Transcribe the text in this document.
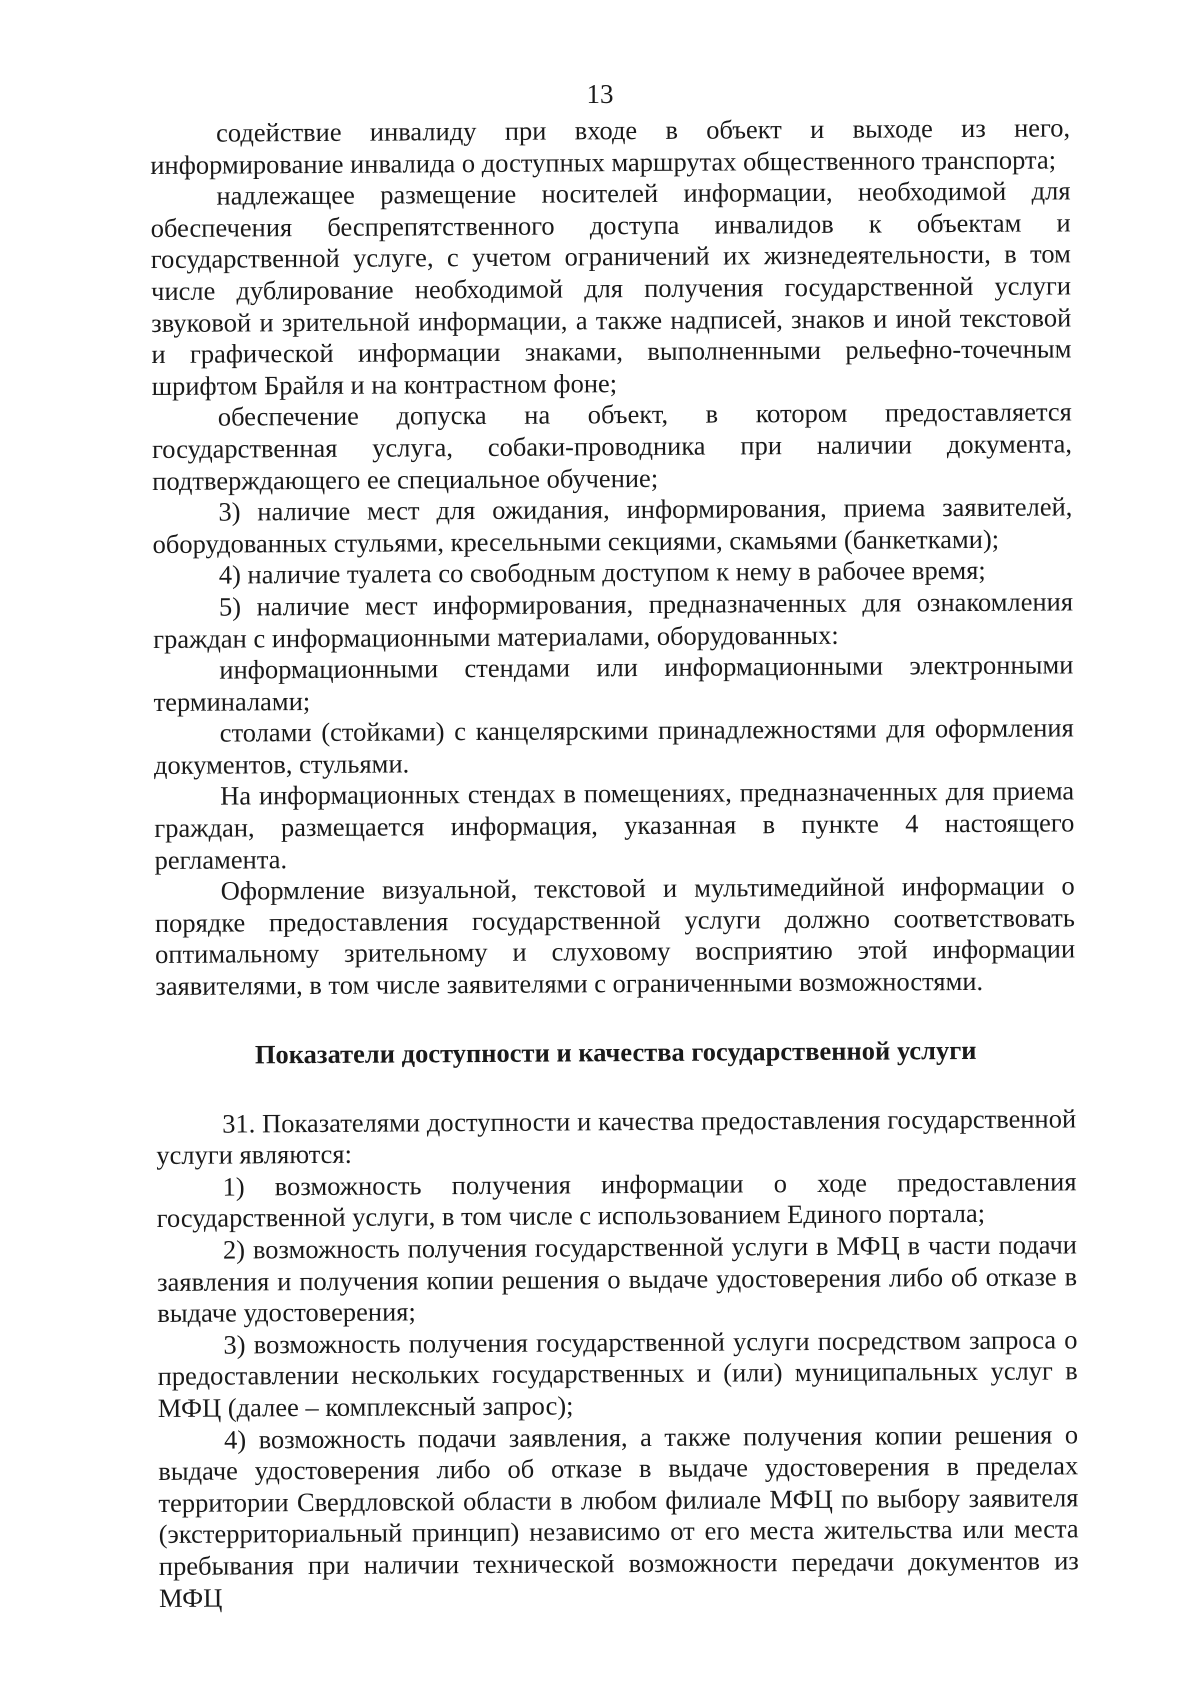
13

содействие инвалиду при входе в объект и выходе из него, информирование инвалида о доступных маршрутах общественного транспорта;

надлежащее размещение носителей информации, необходимой для обеспечения беспрепятственного доступа инвалидов к объектам и государственной услуге, с учетом ограничений их жизнедеятельности, в том числе дублирование необходимой для получения государственной услуги звуковой и зрительной информации, а также надписей, знаков и иной текстовой и графической информации знаками, выполненными рельефно-точечным шрифтом Брайля и на контрастном фоне;

обеспечение допуска на объект, в котором предоставляется государственная услуга, собаки-проводника при наличии документа, подтверждающего ее специальное обучение;

3) наличие мест для ожидания, информирования, приема заявителей, оборудованных стульями, кресельными секциями, скамьями (банкетками);

4) наличие туалета со свободным доступом к нему в рабочее время;

5) наличие мест информирования, предназначенных для ознакомления граждан с информационными материалами, оборудованных:

информационными стендами или информационными электронными терминалами;

столами (стойками) с канцелярскими принадлежностями для оформления документов, стульями.

На информационных стендах в помещениях, предназначенных для приема граждан, размещается информация, указанная в пункте 4 настоящего регламента.

Оформление визуальной, текстовой и мультимедийной информации о порядке предоставления государственной услуги должно соответствовать оптимальному зрительному и слуховому восприятию этой информации заявителями, в том числе заявителями с ограниченными возможностями.

Показатели доступности и качества государственной услуги

31. Показателями доступности и качества предоставления государственной услуги являются:

1) возможность получения информации о ходе предоставления государственной услуги, в том числе с использованием Единого портала;

2) возможность получения государственной услуги в МФЦ в части подачи заявления и получения копии решения о выдаче удостоверения либо об отказе в выдаче удостоверения;

3) возможность получения государственной услуги посредством запроса о предоставлении нескольких государственных и (или) муниципальных услуг в МФЦ (далее – комплексный запрос);

4) возможность подачи заявления, а также получения копии решения о выдаче удостоверения либо об отказе в выдаче удостоверения в пределах территории Свердловской области в любом филиале МФЦ по выбору заявителя (экстерриториальный принцип) независимо от его места жительства или места пребывания при наличии технической возможности передачи документов из МФЦ
